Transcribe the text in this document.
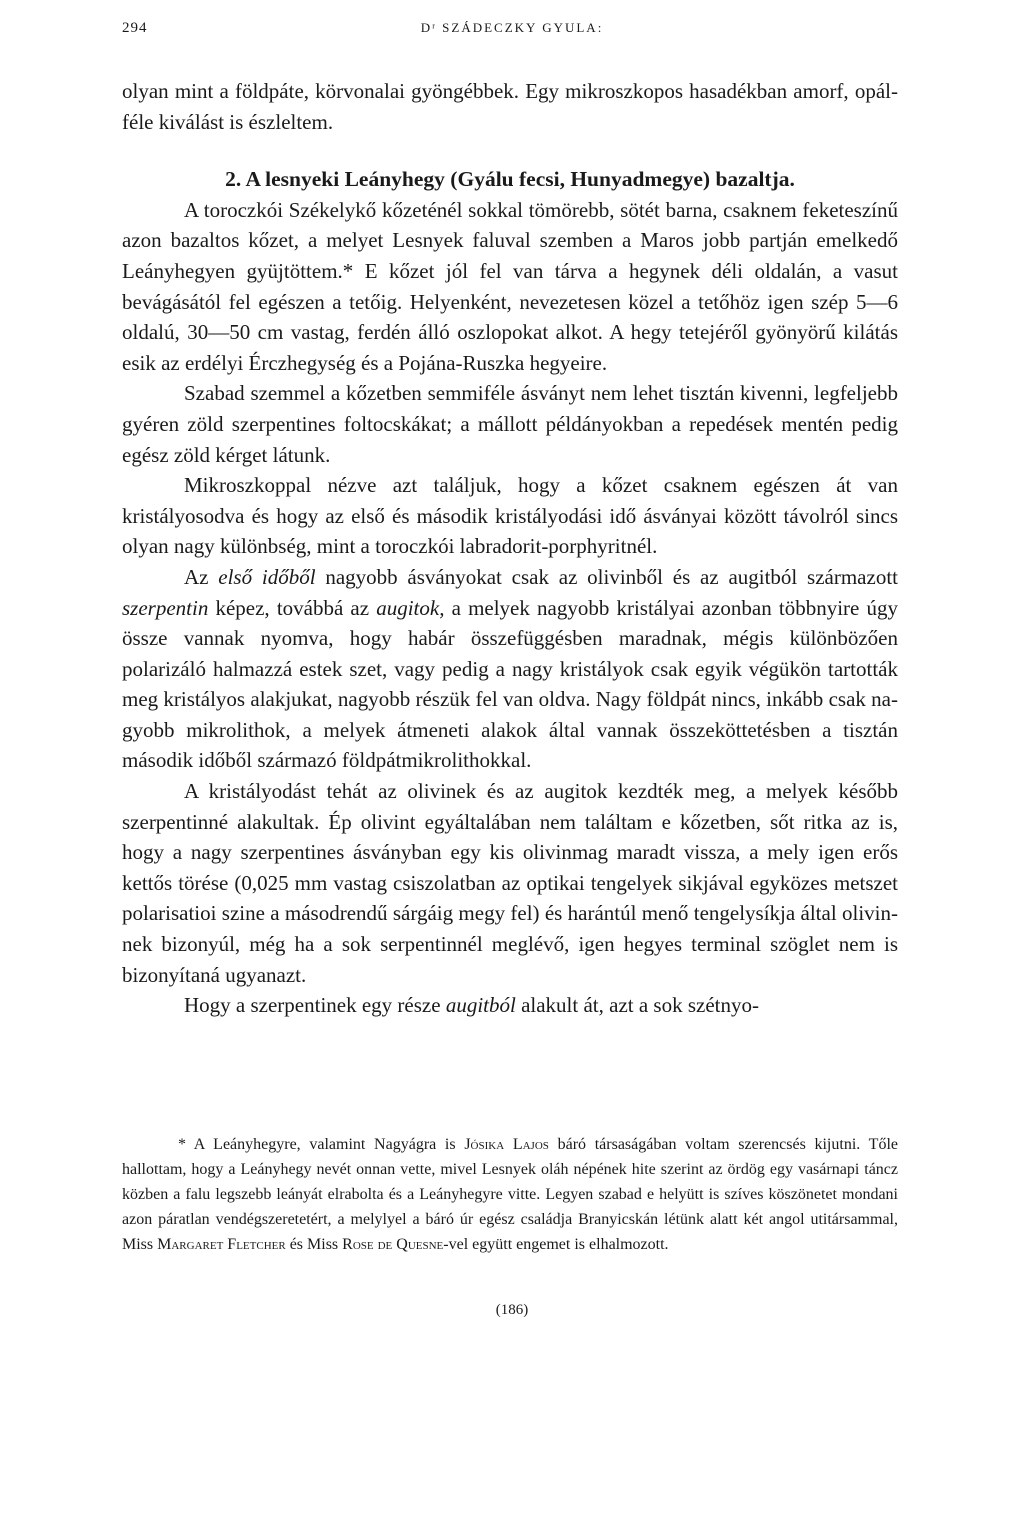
294	Dʳ SZÁDECZKY GYULA:

olyan mint a földpáte, körvonalai gyöngébbek. Egy mikroszkopos hasadékban amorf, opál-féle kiválást is észleltem.

2. A lesnyeki Leányhegy (Gyálu fecsi, Hunyadmegye) bazaltja.

A toroczkói Székelykő kőzeténél sokkal tömörebb, sötét barna, csaknem feketeszínű azon bazaltos kőzet, a melyet Lesnyek faluval szemben a Maros jobb partján emelkedő Leányhegyen gyüjtöttem.* E kőzet jól fel van tárva a hegynek déli oldalán, a vasut bevágásától fel egészen a tetőig. Helyenként, nevezetesen közel a tetőhöz igen szép 5—6 oldalú, 30—50 cm vastag, ferdén álló oszlopokat alkot. A hegy tetejéről gyönyörű kilátás esik az erdélyi Érczhegység és a Pojána-Ruszka hegyeire.

Szabad szemmel a kőzetben semmiféle ásványt nem lehet tisztán kivenni, legfeljebb gyéren zöld szerpentines foltocskákat; a mállott példányokban a repedések mentén pedig egész zöld kérget látunk.

Mikroszkoppal nézve azt találjuk, hogy a kőzet csaknem egészen át van kristályosodva és hogy az első és második kristályodási idő ásványai között távolról sincs olyan nagy különbség, mint a toroczkói labradorit-porphyritnél.

Az első időből nagyobb ásványokat csak az olivinből és az augitból származott szerpentin képez, továbbá az augitok, a melyek nagyobb kristályai azonban többnyire úgy össze vannak nyomva, hogy habár összefüggésben maradnak, mégis különbözően polarizáló halmazzá estek szet, vagy pedig a nagy kristályok csak egyik végükön tartották meg kristályos alakjukat, nagyobb részük fel van oldva. Nagy földpát nincs, inkább csak nagyobb mikrolithok, a melyek átmeneti alakok által vannak összeköttetésben a tisztán második időből származó földpátmikrolithokkal.

A kristályodást tehát az olivinek és az augitok kezdték meg, a melyek később szerpentinné alakultak. Ép olivint egyáltalában nem találtam e kőzetben, sőt ritka az is, hogy a nagy szerpentines ásványban egy kis olivinmag maradt vissza, a mely igen erős kettős törése (0,025 mm vastag csiszolatban az optikai tengelyek sikjával egyközes metszet polarisatioi szine a másodrendű sárgáig megy fel) és harántúl menő tengelysíkja által olivinnek bizonyúl, még ha a sok serpentinnél meglévő, igen hegyes terminal szöglet nem is bizonyítaná ugyanazt.

Hogy a szerpentinek egy része augitból alakult át, azt a sok szétnyo-

* A Leányhegyre, valamint Nagyágra is Jósika Lajos báró társaságában voltam szerencsés kijutni. Tőle hallottam, hogy a Leányhegy nevét onnan vette, mivel Lesnyek oláh népének hite szerint az ördög egy vasárnapi táncz közben a falu legszebb leányát elrabolta és a Leányhegyre vitte. Legyen szabad e helyütt is szíves köszönetet mondani azon páratlan vendégszeretetért, a melylyel a báró úr egész családja Branyicskán létünk alatt két angol utitársammal, Miss Margaret Fletcher és Miss Rose de Quesne-vel együtt engemet is elhalmozott.

(186)
